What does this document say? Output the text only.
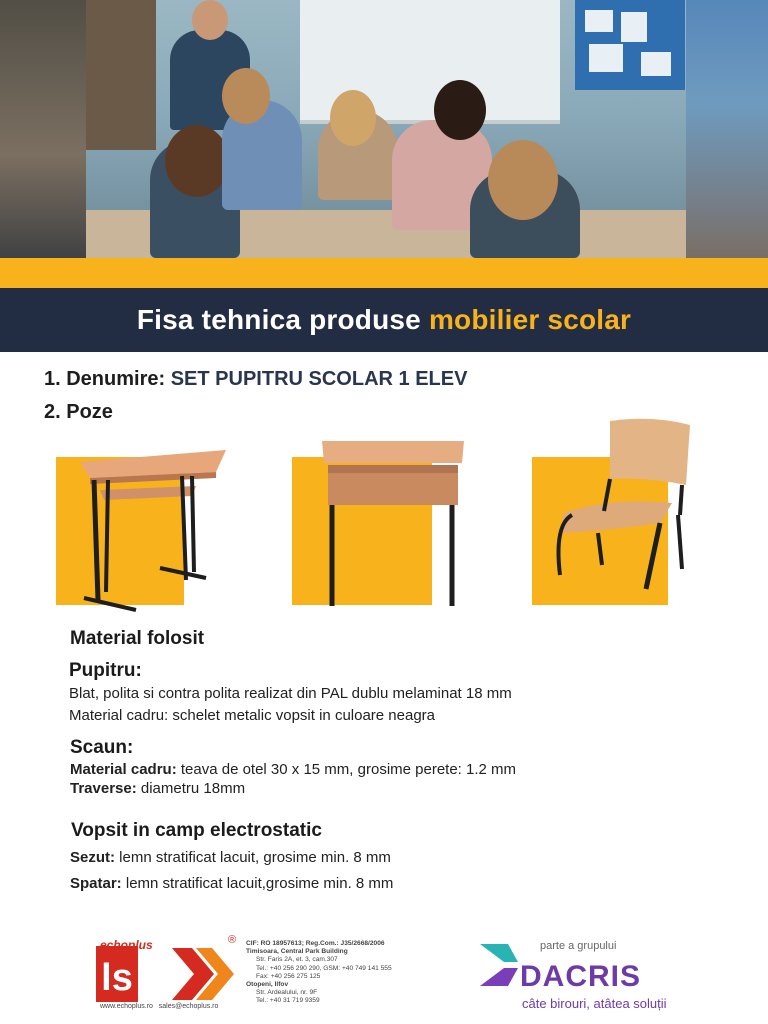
Fisa tehnica produse mobilier scolar
1. Denumire: SET PUPITRU SCOLAR 1 ELEV
2. Poze
Material folosit
Pupitru:
Blat, polita si contra polita realizat din PAL dublu melaminat 18 mm
Material cadru: schelet metalic vopsit in culoare neagra
Scaun:
Material cadru: teava de otel 30 x 15 mm, grosime perete: 1.2 mm
Traverse: diametru 18mm
Vopsit in camp electrostatic
Sezut: lemn stratificat lacuit, grosime min. 8 mm
Spatar: lemn stratificat lacuit,grosime min. 8 mm
ls
echoplus	® CIF: RO 18957613; Reg.Com.: J35/2668/2006
Timisoara, Central Park Building
Str. Faris 2A, et. 3, cam.307
Tel.: +40 256 290 290, GSM: +40 749 141 555
Fax: +40 256 275 125
Otopeni, Ilfov
Str. Ardealului, nr. 9F
Tel.: +40 31 719 9359
www.echoplus.ro sales@echoplus.ro
parte a grupului
DACRIS
câte birouri, atâtea soluții
